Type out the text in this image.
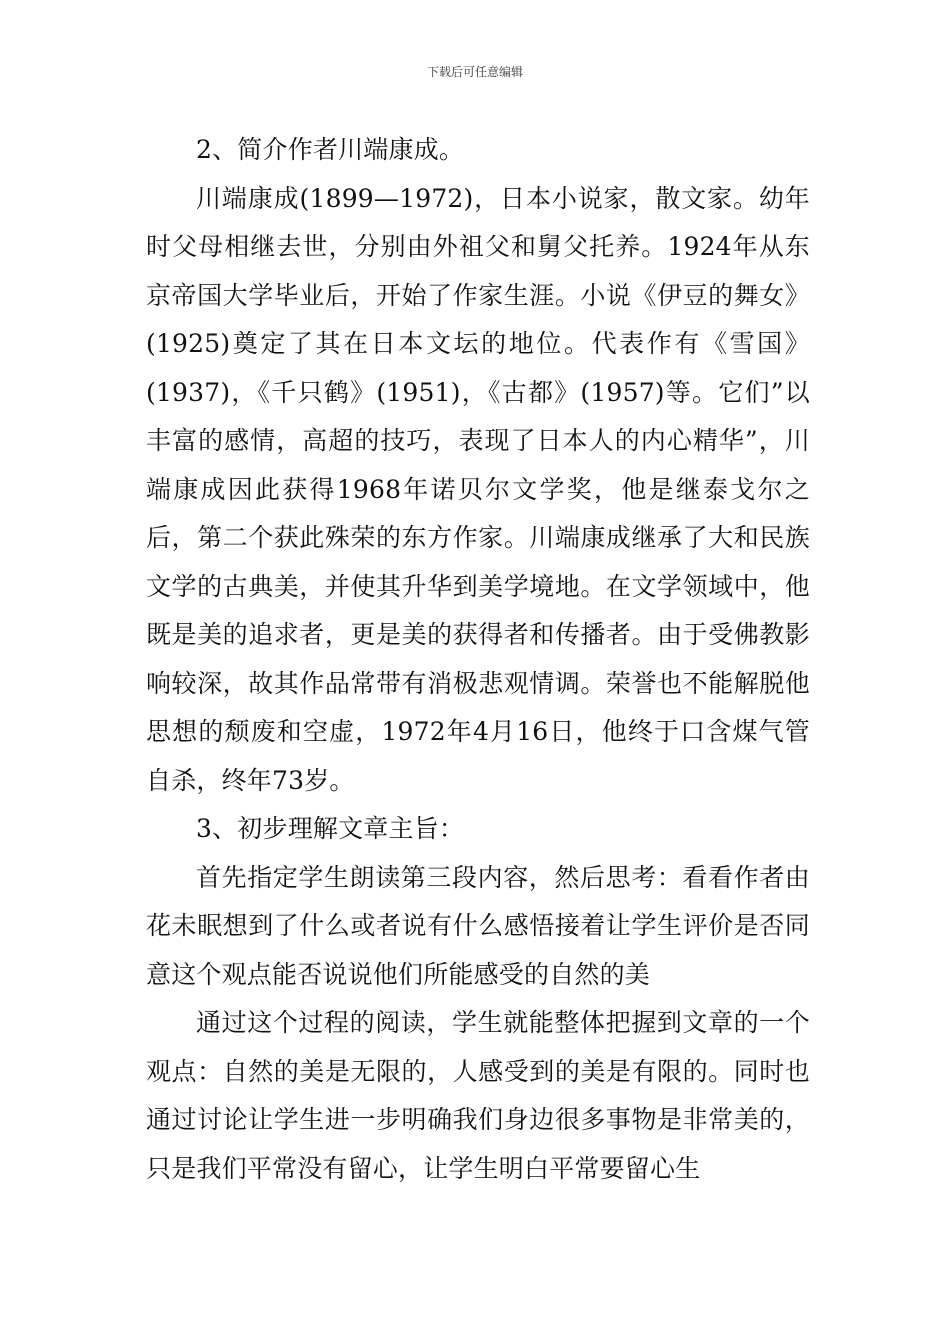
下载后可任意编辑

2、简介作者川端康成。

川端康成(1899—1972)，日本小说家，散文家。幼年时父母相继去世，分别由外祖父和舅父托养。1924年从东京帝国大学毕业后，开始了作家生涯。小说《伊豆的舞女》(1925)奠定了其在日本文坛的地位。代表作有《雪国》(1937)，《千只鹤》(1951)，《古都》(1957)等。它们”以丰富的感情，高超的技巧，表现了日本人的内心精华”，川端康成因此获得1968年诺贝尔文学奖，他是继泰戈尔之后，第二个获此殊荣的东方作家。川端康成继承了大和民族文学的古典美，并使其升华到美学境地。在文学领域中，他既是美的追求者，更是美的获得者和传播者。由于受佛教影响较深，故其作品常带有消极悲观情调。荣誉也不能解脱他思想的颓废和空虚，1972年4月16日，他终于口含煤气管自杀，终年73岁。

3、初步理解文章主旨：

首先指定学生朗读第三段内容，然后思考：看看作者由花未眠想到了什么或者说有什么感悟接着让学生评价是否同意这个观点能否说说他们所能感受的自然的美

通过这个过程的阅读，学生就能整体把握到文章的一个观点：自然的美是无限的，人感受到的美是有限的。同时也通过讨论让学生进一步明确我们身边很多事物是非常美的，只是我们平常没有留心，让学生明白平常要留心生
